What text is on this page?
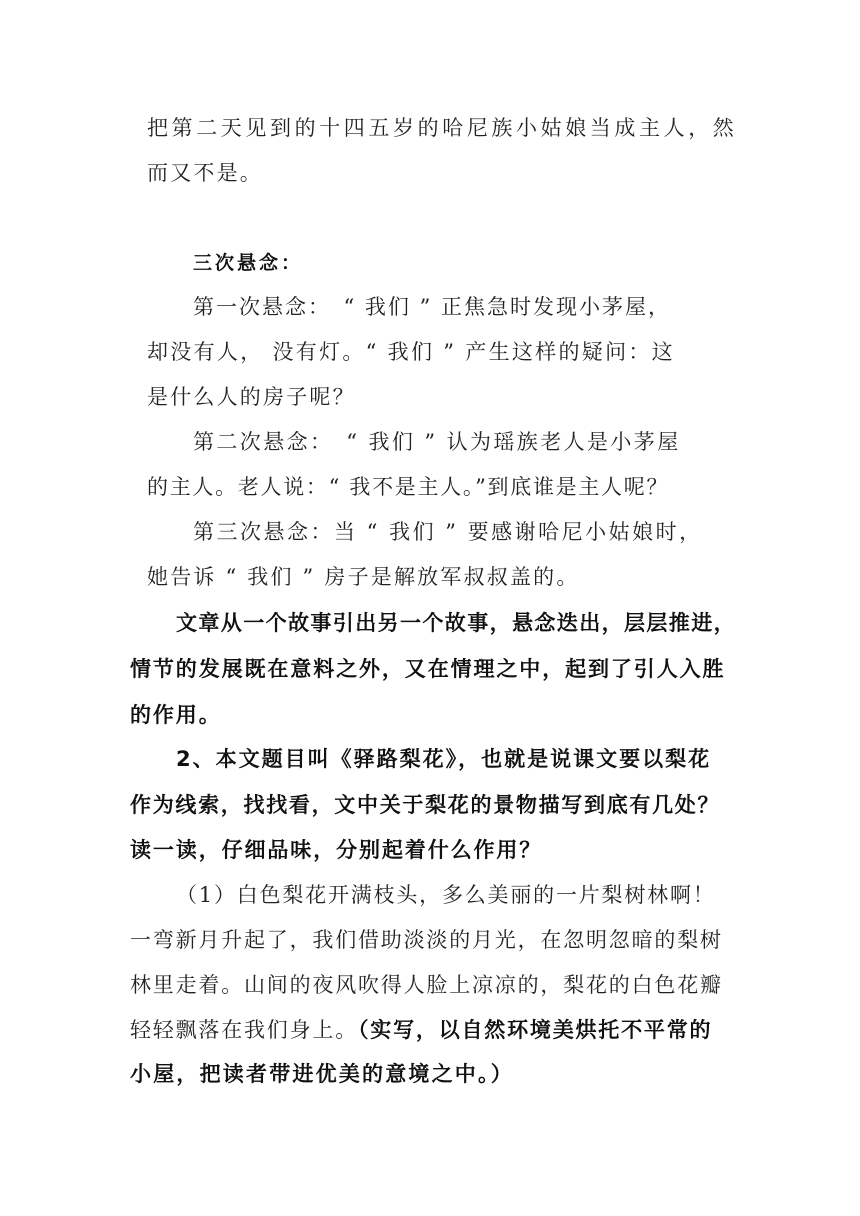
把第二天见到的十四五岁的哈尼族小姑娘当成主人，然
而又不是。
三次悬念：
第一次悬念：　“ 我们 ” 正焦急时发现小茅屋，
却没有人， 没有灯。“ 我们 ” 产生这样的疑问：这
是什么人的房子呢？
第二次悬念：　“ 我们 ” 认为瑶族老人是小茅屋
的主人。老人说：“ 我不是主人。”到底谁是主人呢？
第三次悬念：当 “ 我们 ” 要感谢哈尼小姑娘时，
她告诉 “ 我们 ” 房子是解放军叔叔盖的。
文章从一个故事引出另一个故事，悬念迭出，层层推进，
情节的发展既在意料之外，又在情理之中，起到了引人入胜
的作用。
2、本文题目叫《驿路梨花》，也就是说课文要以梨花
作为线索，找找看，文中关于梨花的景物描写到底有几处？
读一读，仔细品味，分别起着什么作用？
（1）白色梨花开满枝头，多么美丽的一片梨树林啊！
一弯新月升起了，我们借助淡淡的月光，在忽明忽暗的梨树
林里走着。山间的夜风吹得人脸上凉凉的，梨花的白色花瓣
轻轻飘落在我们身上。（实写，以自然环境美烘托不平常的
小屋，把读者带进优美的意境之中。）
